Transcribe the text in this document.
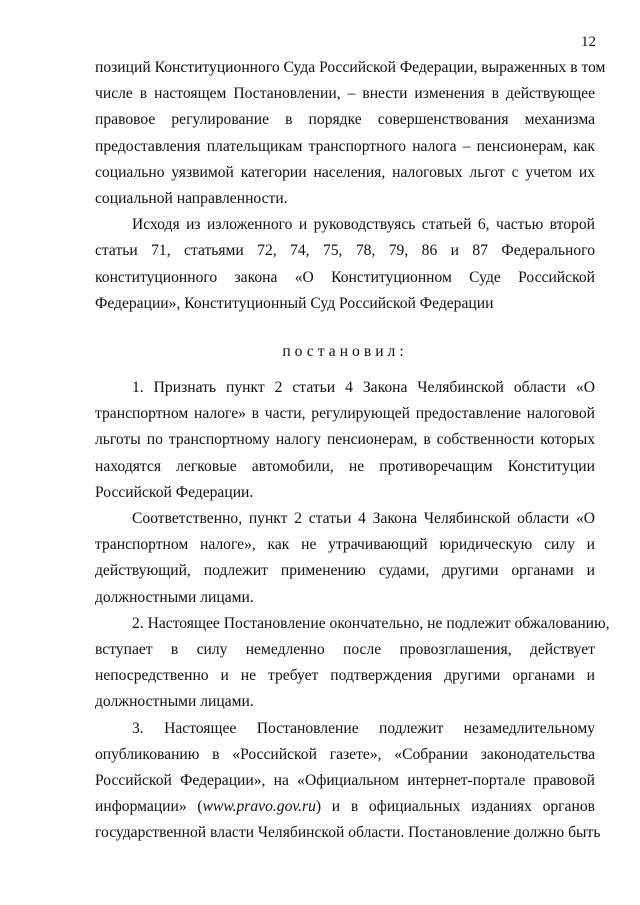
12

позиций Конституционного Суда Российской Федерации, выраженных в том
числе в настоящем Постановлении, – внести изменения в действующее
правовое регулирование в порядке совершенствования механизма
предоставления плательщикам транспортного налога – пенсионерам, как
социально уязвимой категории населения, налоговых льгот с учетом их
социальной направленности.

Исходя из изложенного и руководствуясь статьей 6, частью второй
статьи 71, статьями 72, 74, 75, 78, 79, 86 и 87 Федерального
конституционного закона «О Конституционном Суде Российской
Федерации», Конституционный Суд Российской Федерации

постановил:

1. Признать пункт 2 статьи 4 Закона Челябинской области «О
транспортном налоге» в части, регулирующей предоставление налоговой
льготы по транспортному налогу пенсионерам, в собственности которых
находятся легковые автомобили, не противоречащим Конституции
Российской Федерации.

Соответственно, пункт 2 статьи 4 Закона Челябинской области «О
транспортном налоге», как не утрачивающий юридическую силу и
действующий, подлежит применению судами, другими органами и
должностными лицами.

2. Настоящее Постановление окончательно, не подлежит обжалованию,
вступает в силу немедленно после провозглашения, действует
непосредственно и не требует подтверждения другими органами и
должностными лицами.

3. Настоящее Постановление подлежит незамедлительному
опубликованию в «Российской газете», «Собрании законодательства
Российской Федерации», на «Официальном интернет-портале правовой
информации» (www.pravo.gov.ru) и в официальных изданиях органов
государственной власти Челябинской области. Постановление должно быть
